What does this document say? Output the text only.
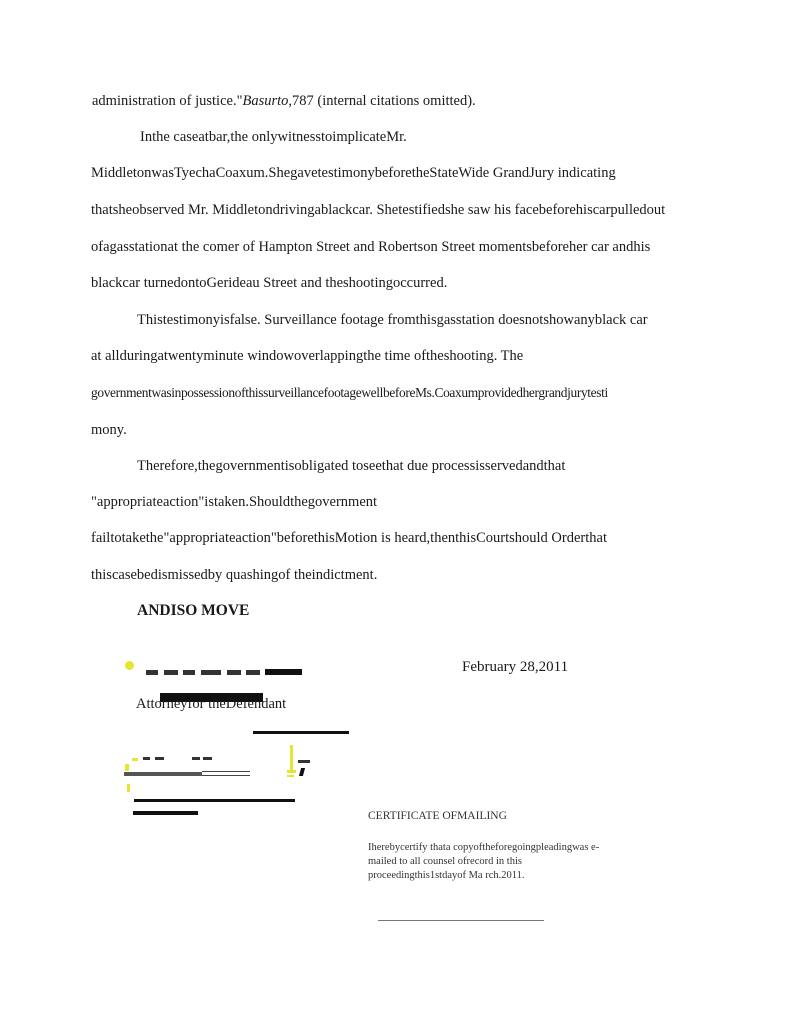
administration of justice."Basurto,787 (internal citations omitted).
Inthe caseatbar,the onlywitnesstoimplicateMr.
MiddletonwasTyechaCoaxum.ShegavetestimonybeforetheStateWide GrandJury indicating
thatsheobserved Mr. Middletondrivingablackcar. Shetestifiedshe saw his facebeforehiscarpulledout
ofagasstationat the comer of Hampton Street and Robertson Street momentsbeforeher car andhis
blackcar turnedontoGerideau Street and theshootingoccurred.
Thistestimonyisfalse. Surveillance footage fromthisgasstation doesnotshowanyblack car
at allduringatwentyminute windowoverlappingthe time oftheshooting. The
governmentwasinpossessionofthissurveillancefootagewellbeforeMs.Coaxumprovidedhergrandjurytesti
mony.
Therefore,thegovernmentisobligated toseethat due processisservedandthat
"appropriateaction"istaken.Shouldthegovernment
failtotakethe"appropriateaction"beforethisMotion is heard,thenthisCourtshould Orderthat
thiscasebedismissedby quashingof theindictment.
ANDISO MOVE
February 28,2011
Attorneyfor theDefendant
CERTIFICATE OFMAILING
Iherebycertify thata copyoftheforegoingpleadingwas e-
mailed to all counsel ofrecord in this
proceedingthis1stdayof Ma rch.2011.
